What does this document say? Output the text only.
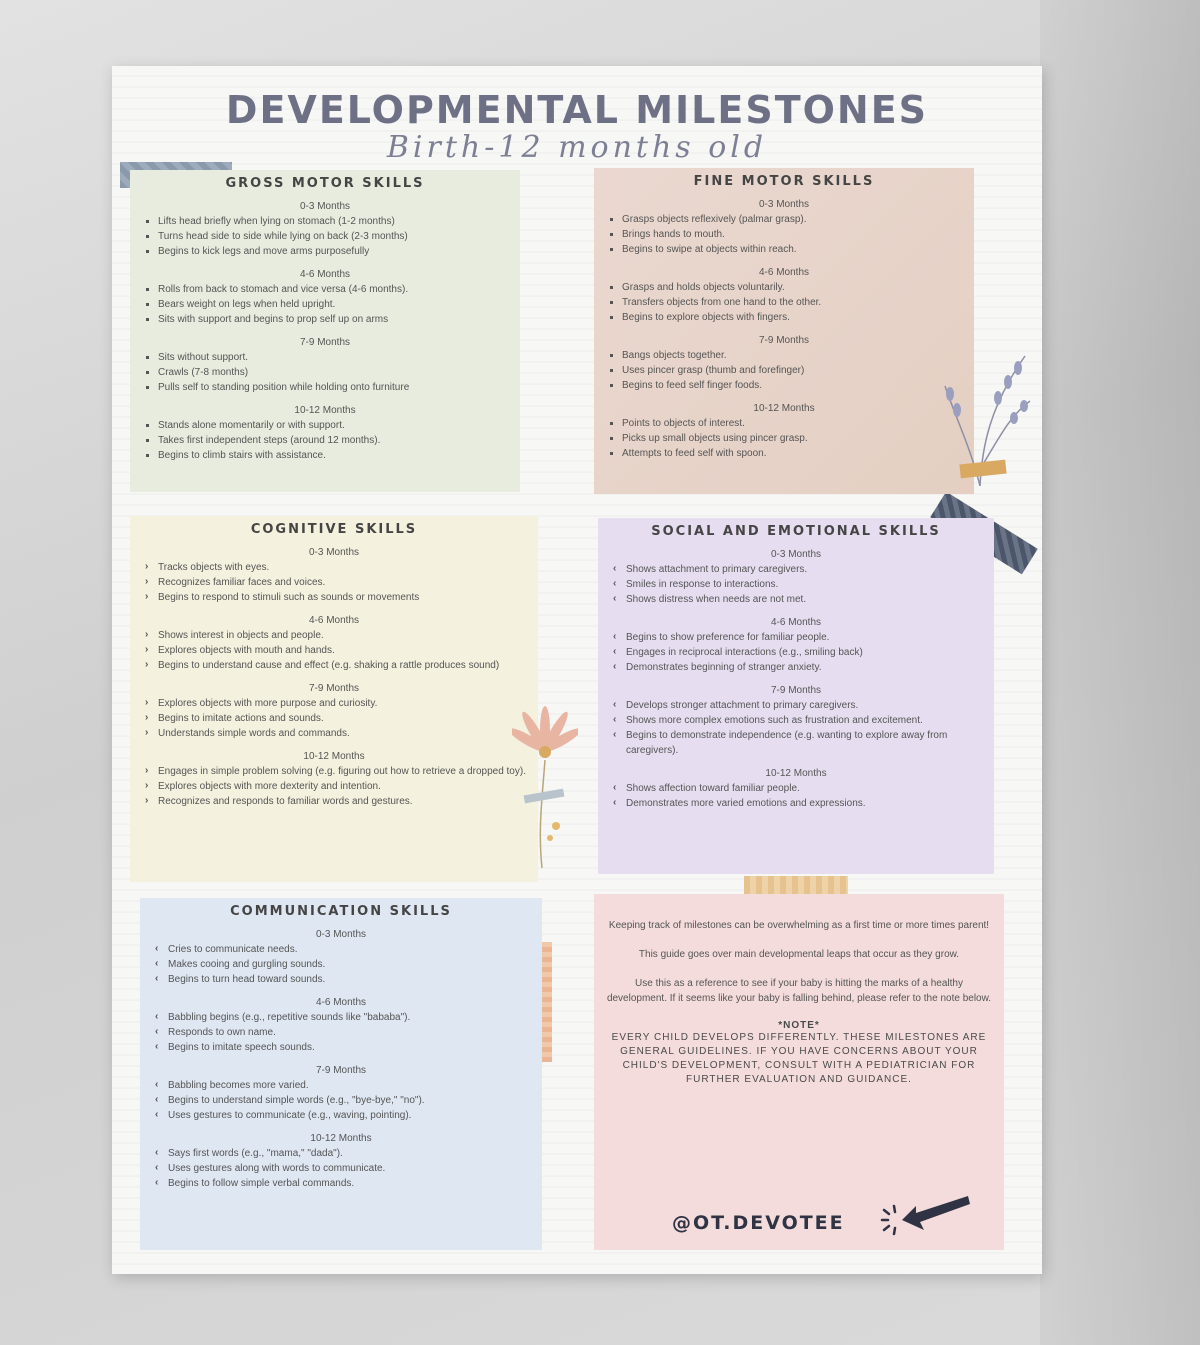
DEVELOPMENTAL MILESTONES
Birth-12 months old
GROSS MOTOR SKILLS
0-3 Months
▪ Lifts head briefly when lying on stomach (1-2 months)
▪ Turns head side to side while lying on back (2-3 months)
▪ Begins to kick legs and move arms purposefully
4-6 Months
▪ Rolls from back to stomach and vice versa (4-6 months).
▪ Bears weight on legs when held upright.
▪ Sits with support and begins to prop self up on arms
7-9 Months
▪ Sits without support.
▪ Crawls (7-8 months)
▪ Pulls self to standing position while holding onto furniture
10-12 Months
▪ Stands alone momentarily or with support.
▪ Takes first independent steps (around 12 months).
▪ Begins to climb stairs with assistance.
FINE MOTOR SKILLS
0-3 Months
▪ Grasps objects reflexively (palmar grasp).
▪ Brings hands to mouth.
▪ Begins to swipe at objects within reach.
4-6 Months
▪ Grasps and holds objects voluntarily.
▪ Transfers objects from one hand to the other.
▪ Begins to explore objects with fingers.
7-9 Months
▪ Bangs objects together.
▪ Uses pincer grasp (thumb and forefinger)
▪ Begins to feed self finger foods.
10-12 Months
▪ Points to objects of interest.
▪ Picks up small objects using pincer grasp.
▪ Attempts to feed self with spoon.
COGNITIVE SKILLS
0-3 Months
› Tracks objects with eyes.
› Recognizes familiar faces and voices.
› Begins to respond to stimuli such as sounds or movements
4-6 Months
› Shows interest in objects and people.
› Explores objects with mouth and hands.
› Begins to understand cause and effect (e.g. shaking a rattle produces sound)
7-9 Months
› Explores objects with more purpose and curiosity.
› Begins to imitate actions and sounds.
› Understands simple words and commands.
10-12 Months
› Engages in simple problem solving (e.g. figuring out how to retrieve a dropped toy).
› Explores objects with more dexterity and intention.
› Recognizes and responds to familiar words and gestures.
SOCIAL AND EMOTIONAL SKILLS
0-3 Months
‹ Shows attachment to primary caregivers.
‹ Smiles in response to interactions.
‹ Shows distress when needs are not met.
4-6 Months
‹ Begins to show preference for familiar people.
‹ Engages in reciprocal interactions (e.g., smiling back)
‹ Demonstrates beginning of stranger anxiety.
7-9 Months
‹ Develops stronger attachment to primary caregivers.
‹ Shows more complex emotions such as frustration and excitement.
‹ Begins to demonstrate independence (e.g. wanting to explore away from caregivers).
10-12 Months
‹ Shows affection toward familiar people.
‹ Demonstrates more varied emotions and expressions.
COMMUNICATION SKILLS
0-3 Months
‹ Cries to communicate needs.
‹ Makes cooing and gurgling sounds.
‹ Begins to turn head toward sounds.
4-6 Months
‹ Babbling begins (e.g., repetitive sounds like "bababa").
‹ Responds to own name.
‹ Begins to imitate speech sounds.
7-9 Months
‹ Babbling becomes more varied.
‹ Begins to understand simple words (e.g., "bye-bye," "no").
‹ Uses gestures to communicate (e.g., waving, pointing).
10-12 Months
‹ Says first words (e.g., "mama," "dada").
‹ Uses gestures along with words to communicate.
‹ Begins to follow simple verbal commands.

Keeping track of milestones can be overwhelming as a first time or more times parent!

This guide goes over main developmental leaps that occur as they grow.

Use this as a reference to see if your baby is hitting the marks of a healthy development. If it seems like your baby is falling behind, please refer to the note below.

*NOTE*
EVERY CHILD DEVELOPS DIFFERENTLY. THESE MILESTONES ARE GENERAL GUIDELINES. IF YOU HAVE CONCERNS ABOUT YOUR CHILD'S DEVELOPMENT, CONSULT WITH A PEDIATRICIAN FOR FURTHER EVALUATION AND GUIDANCE.
@OT.DEVOTEE
